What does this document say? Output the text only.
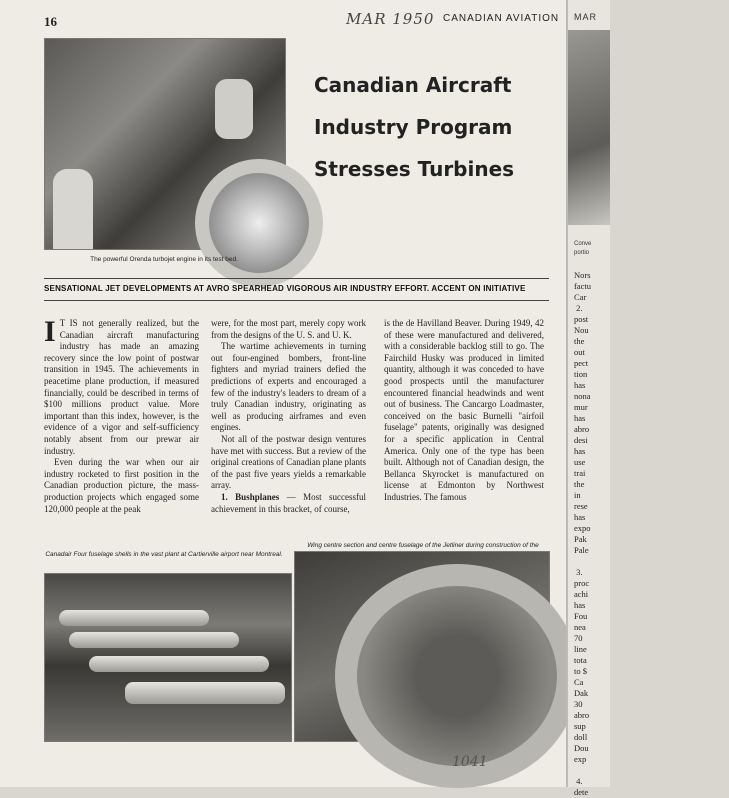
16	MAR 1950 CANADIAN AVIATION
The powerful Orenda turbojet engine in its test bed.
Canadian Aircraft
Industry Program
Stresses Turbines
SENSATIONAL JET DEVELOPMENTS AT AVRO SPEARHEAD VIGOROUS AIR INDUSTRY EFFORT. ACCENT ON INITIATIVE

I T IS not generally realized, but the Canadian aircraft manufacturing industry has made an amazing recovery since the low point of postwar transition in 1945. The achievements in peacetime plane production, if measured financially, could be described in terms of $100 millions product value. More important than this index, however, is the evidence of a vigor and self-sufficiency notably absent from our prewar air industry.

Even during the war when our air industry rocketed to first position in the Canadian production picture, the mass-production projects which engaged some 120,000 people at the peak

were, for the most part, merely copy work from the designs of the U. S. and U. K.

The wartime achievements in turning out four-engined bombers, front-line fighters and myriad trainers defied the predictions of experts and encouraged a few of the industry's leaders to dream of a truly Canadian industry, originating as well as producing airframes and even engines.

Not all of the postwar design ventures have met with success. But a review of the original creations of Canadian plane plants of the past five years yields a remarkable array.

1. Bushplanes — Most successful achievement in this bracket, of course,

is the de Havilland Beaver. During 1949, 42 of these were manufactured and delivered, with a considerable backlog still to go. The Fairchild Husky was produced in limited quantity, although it was conceded to have good prospects until the manufacturer encountered financial headwinds and went out of business. The Cancargo Loadmaster, conceived on the basic Burnelli "airfoil fuselage" patents, originally was designed for a specific application in Central America. Only one of the type has been built. Although not of Canadian design, the Bellanca Skyrocket is manufactured on license at Edmonton by Northwest Industries. The famous

Wing centre section and centre fuselage of the Jetliner during construction of the
Canadair Four fuselage shells in the vast plant at Cartierville airport near Montreal.
1041
MAR
Conve
portio
Nors
factu
Car
2.
post
Nou
the
out
pect
tion
has
nona
mur
has
abro
desi
has
use
trai
the
in
rese
has
expo
Pak
Pale

3.
proc
achi
has
Fou
nea
70
line
tota
to $
Ca
Dak
30
abro
sup
doll
Dou
exp

4.
dete
